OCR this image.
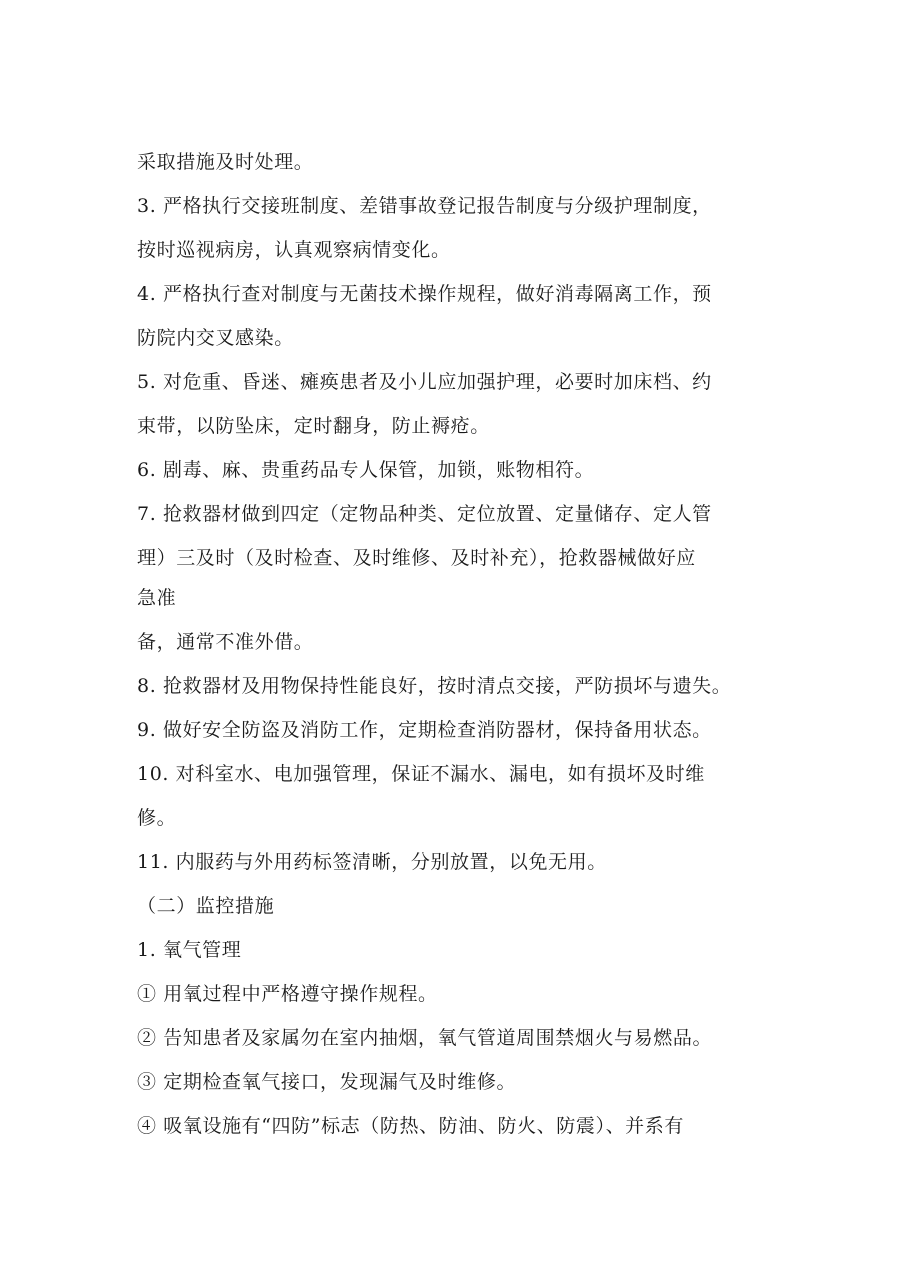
采取措施及时处理。
3. 严格执行交接班制度、差错事故登记报告制度与分级护理制度，
按时巡视病房，认真观察病情变化。
4. 严格执行查对制度与无菌技术操作规程，做好消毒隔离工作，预
防院内交叉感染。
5. 对危重、昏迷、瘫痪患者及小儿应加强护理，必要时加床档、约
束带，以防坠床，定时翻身，防止褥疮。
6. 剧毒、麻、贵重药品专人保管，加锁，账物相符。
7. 抢救器材做到四定（定物品种类、定位放置、定量储存、定人管
理）三及时（及时检查、及时维修、及时补充），抢救器械做好应
急准
备，通常不准外借。
8. 抢救器材及用物保持性能良好，按时清点交接，严防损坏与遗失。
9. 做好安全防盗及消防工作，定期检查消防器材，保持备用状态。
10. 对科室水、电加强管理，保证不漏水、漏电，如有损坏及时维
修。
11. 内服药与外用药标签清晰，分别放置，以免无用。
（二）监控措施
1. 氧气管理
① 用氧过程中严格遵守操作规程。
② 告知患者及家属勿在室内抽烟，氧气管道周围禁烟火与易燃品。
③ 定期检查氧气接口，发现漏气及时维修。
④ 吸氧设施有“四防”标志（防热、防油、防火、防震）、并系有
